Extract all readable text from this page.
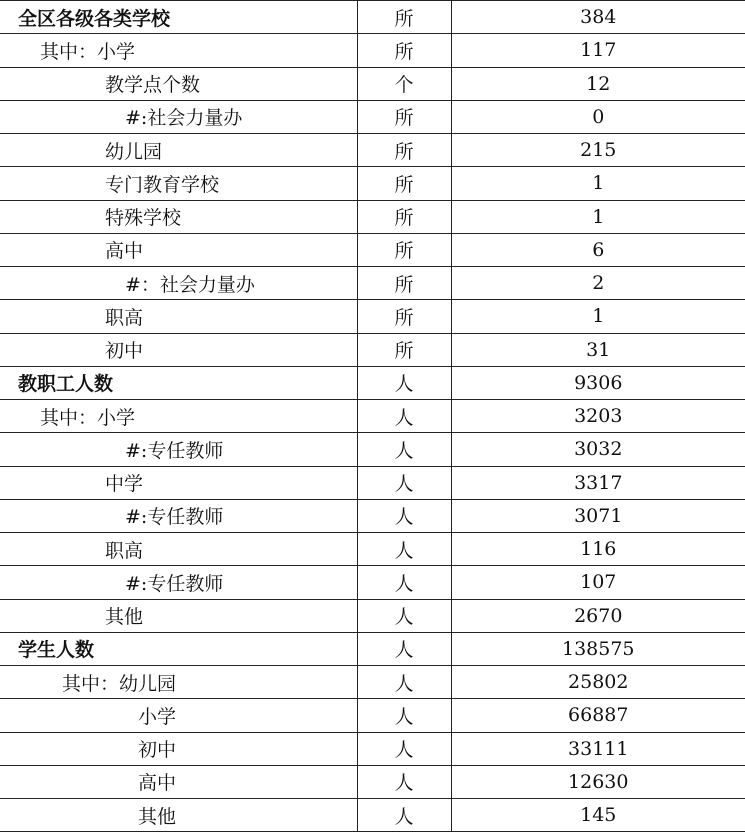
全区各级各类学校	所	384
其中：小学	所	117
教学点个数	个	12
#:社会力量办	所	0
幼儿园	所	215
专门教育学校	所	1
特殊学校	所	1
高中	所	6
#：社会力量办	所	2
职高	所	1
初中	所	31
教职工人数	人	9306
其中：小学	人	3203
#:专任教师	人	3032
中学	人	3317
#:专任教师	人	3071
职高	人	116
#:专任教师	人	107
其他	人	2670
学生人数	人	138575
其中：幼儿园	人	25802
小学	人	66887
初中	人	33111
高中	人	12630
其他	人	145
